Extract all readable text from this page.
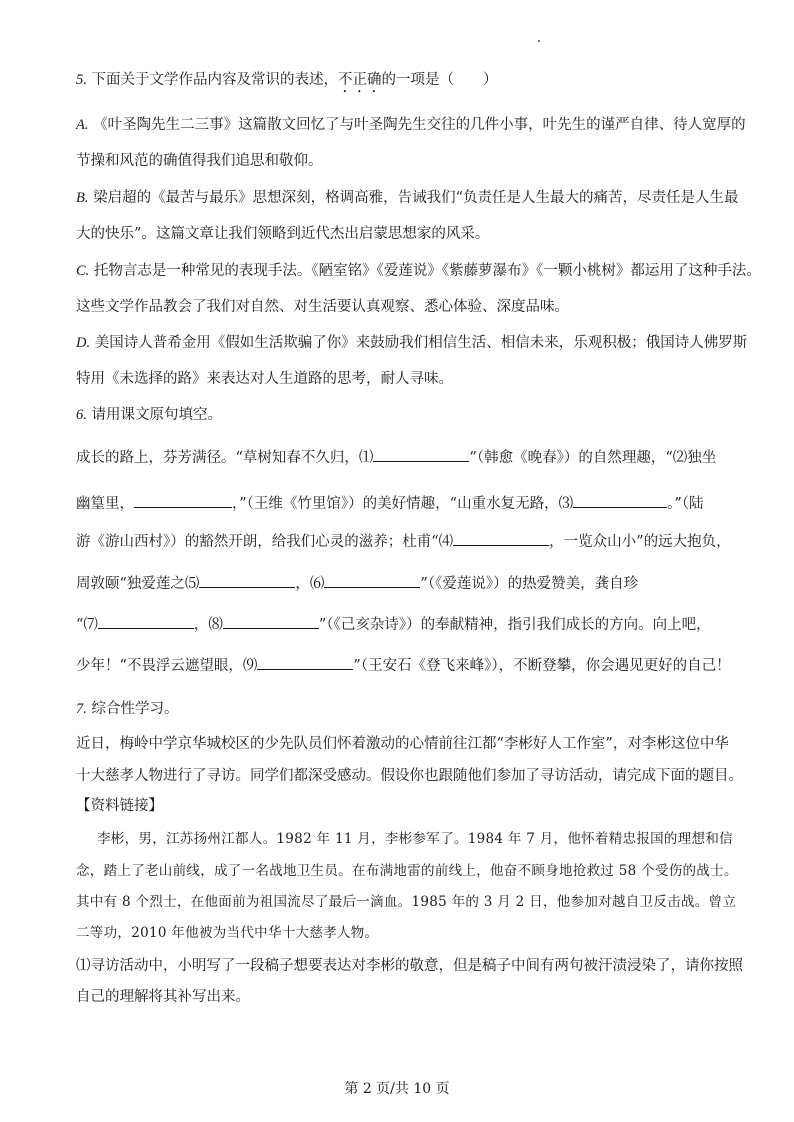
5. 下面关于文学作品内容及常识的表述，不正确的一项是（　　）
A. 《叶圣陶先生二三事》这篇散文回忆了与叶圣陶先生交往的几件小事，叶先生的谨严自律、待人宽厚的
节操和风范的确值得我们追思和敬仰。
B. 梁启超的《最苦与最乐》思想深刻，格调高雅，告诫我们“负责任是人生最大的痛苦，尽责任是人生最
大的快乐”。这篇文章让我们领略到近代杰出启蒙思想家的风采。
C. 托物言志是一种常见的表现手法。《陋室铭》《爱莲说》《紫藤萝瀑布》《一颗小桃树》都运用了这种手法。
这些文学作品教会了我们对自然、对生活要认真观察、悉心体验、深度品味。
D. 美国诗人普希金用《假如生活欺骗了你》来鼓励我们相信生活、相信未来，乐观积极；俄国诗人佛罗斯
特用《未选择的路》来表达对人生道路的思考，耐人寻味。
6. 请用课文原句填空。
成长的路上，芬芳满径。“草树知春不久归，⑴	”（韩愈《晚春》）的自然理趣，“⑵独坐
幽篁里，	，”（王维《竹里馆》）的美好情趣，“山重水复无路，⑶	。”（陆
游《游山西村》）的豁然开朗，给我们心灵的滋养；杜甫“⑷	，一览众山小”的远大抱负，
周敦颐“独爱莲之⑸	，⑹	”（《爱莲说》）的热爱赞美，龚自珍
“⑺	，⑻	”（《己亥杂诗》）的奉献精神，指引我们成长的方向。向上吧，
少年！“不畏浮云遮望眼，⑼	”（王安石《登飞来峰》），不断登攀，你会遇见更好的自己！
7. 综合性学习。
近日，梅岭中学京华城校区的少先队员们怀着激动的心情前往江都“李彬好人工作室”，对李彬这位中华
十大慈孝人物进行了寻访。同学们都深受感动。假设你也跟随他们参加了寻访活动，请完成下面的题目。
【资料链接】
李彬，男，江苏扬州江都人。1982 年 11 月，李彬参军了。1984 年 7 月，他怀着精忠报国的理想和信
念，踏上了老山前线，成了一名战地卫生员。在布满地雷的前线上，他奋不顾身地抢救过 58 个受伤的战士。
其中有 8 个烈士，在他面前为祖国流尽了最后一滴血。1985 年的 3 月 2 日，他参加对越自卫反击战。曾立
二等功，2010 年他被为当代中华十大慈孝人物。
⑴寻访活动中，小明写了一段稿子想要表达对李彬的敬意，但是稿子中间有两句被汗渍浸染了，请你按照
自己的理解将其补写出来。
第 2 页/共 10 页
